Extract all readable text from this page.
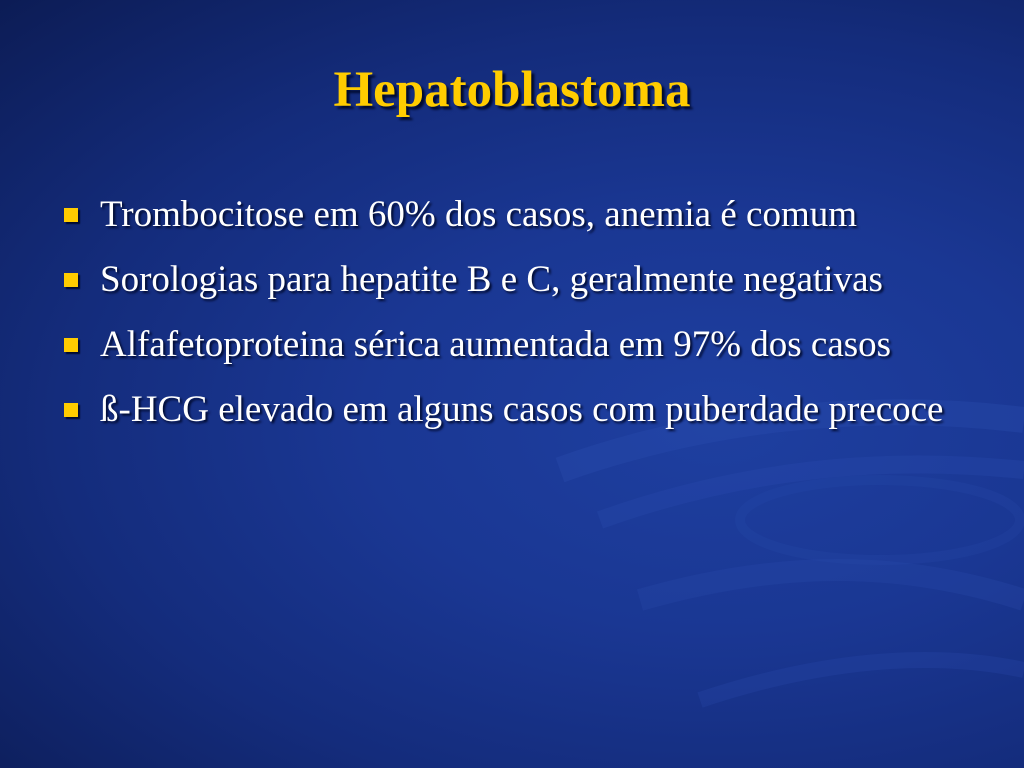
Hepatoblastoma
Trombocitose em 60% dos casos, anemia é comum
Sorologias para hepatite B e C, geralmente negativas
Alfafetoproteina sérica aumentada em 97% dos casos
ß-HCG elevado em alguns casos com puberdade precoce
